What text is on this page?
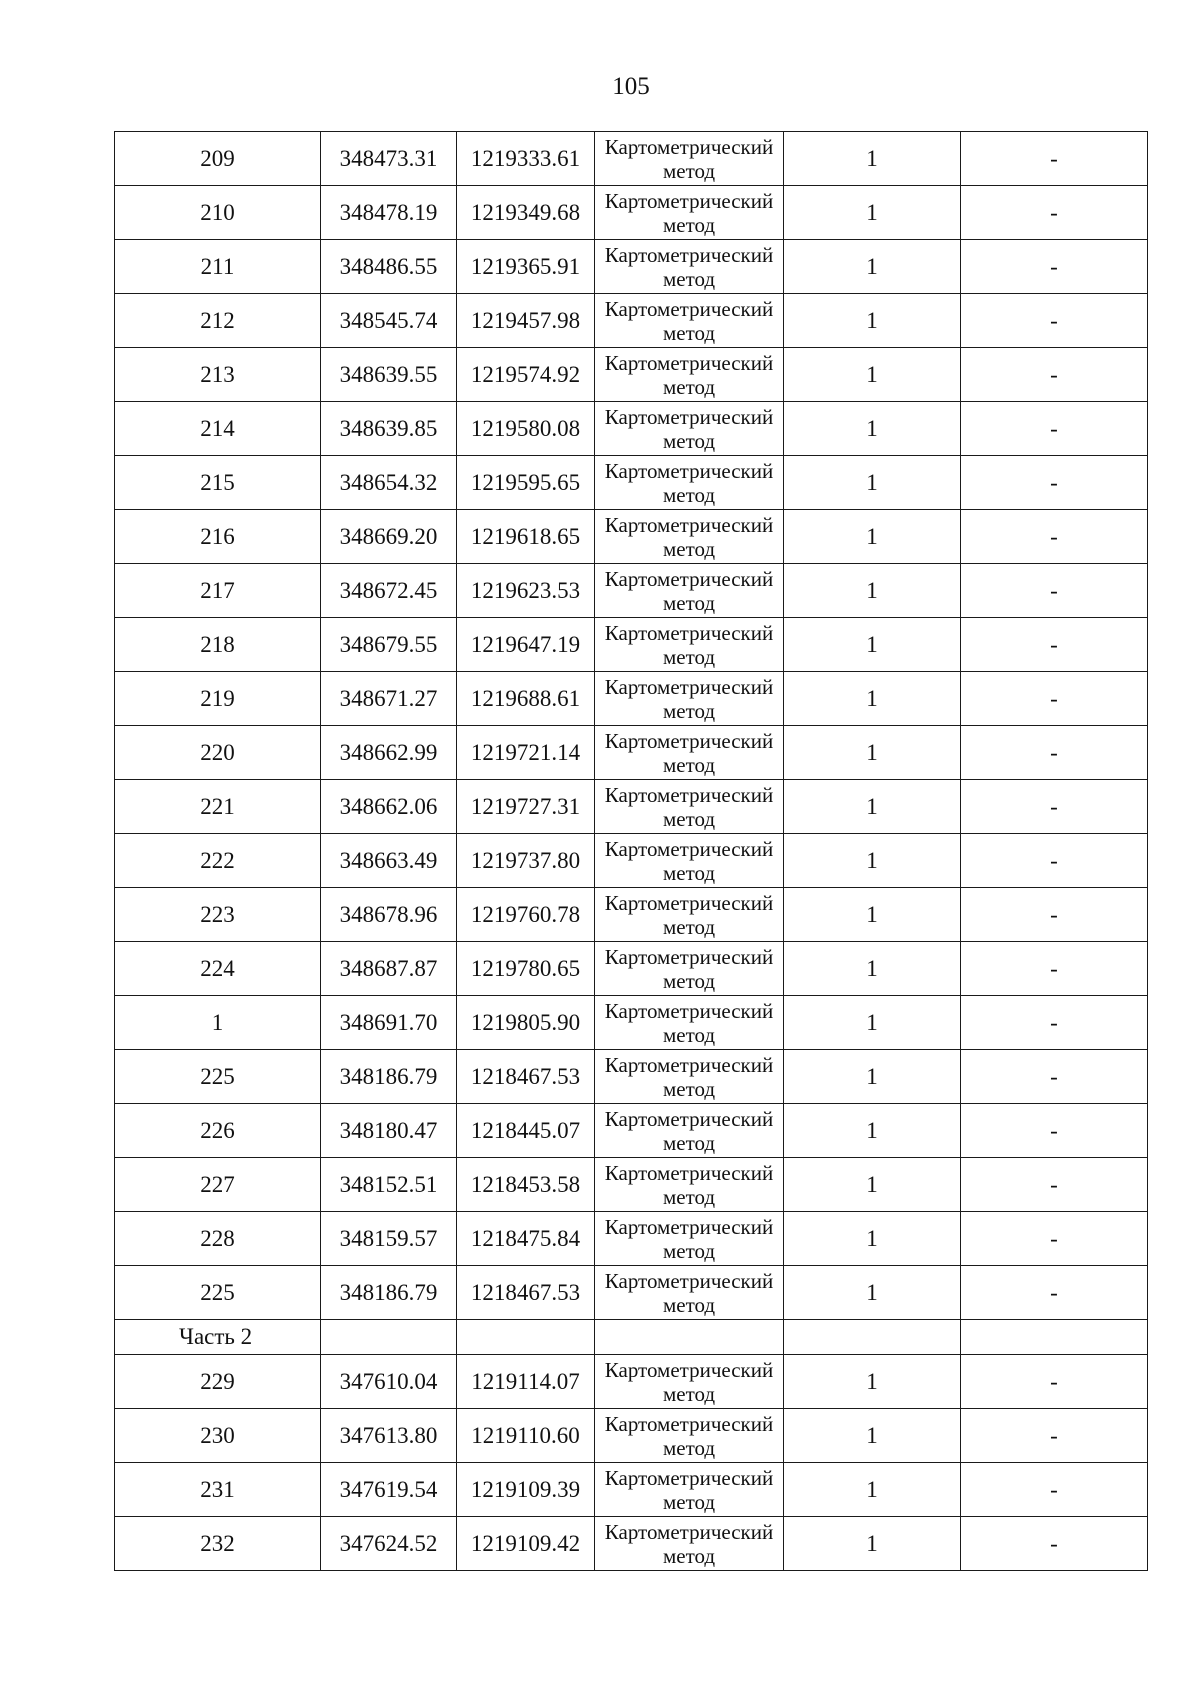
105
209	348473.31	1219333.61	Картометрический метод	1	-
210	348478.19	1219349.68	Картометрический метод	1	-
211	348486.55	1219365.91	Картометрический метод	1	-
212	348545.74	1219457.98	Картометрический метод	1	-
213	348639.55	1219574.92	Картометрический метод	1	-
214	348639.85	1219580.08	Картометрический метод	1	-
215	348654.32	1219595.65	Картометрический метод	1	-
216	348669.20	1219618.65	Картометрический метод	1	-
217	348672.45	1219623.53	Картометрический метод	1	-
218	348679.55	1219647.19	Картометрический метод	1	-
219	348671.27	1219688.61	Картометрический метод	1	-
220	348662.99	1219721.14	Картометрический метод	1	-
221	348662.06	1219727.31	Картометрический метод	1	-
222	348663.49	1219737.80	Картометрический метод	1	-
223	348678.96	1219760.78	Картометрический метод	1	-
224	348687.87	1219780.65	Картометрический метод	1	-
1	348691.70	1219805.90	Картометрический метод	1	-
225	348186.79	1218467.53	Картометрический метод	1	-
226	348180.47	1218445.07	Картометрический метод	1	-
227	348152.51	1218453.58	Картометрический метод	1	-
228	348159.57	1218475.84	Картометрический метод	1	-
225	348186.79	1218467.53	Картометрический метод	1	-
Часть 2					
229	347610.04	1219114.07	Картометрический метод	1	-
230	347613.80	1219110.60	Картометрический метод	1	-
231	347619.54	1219109.39	Картометрический метод	1	-
232	347624.52	1219109.42	Картометрический метод	1	-
